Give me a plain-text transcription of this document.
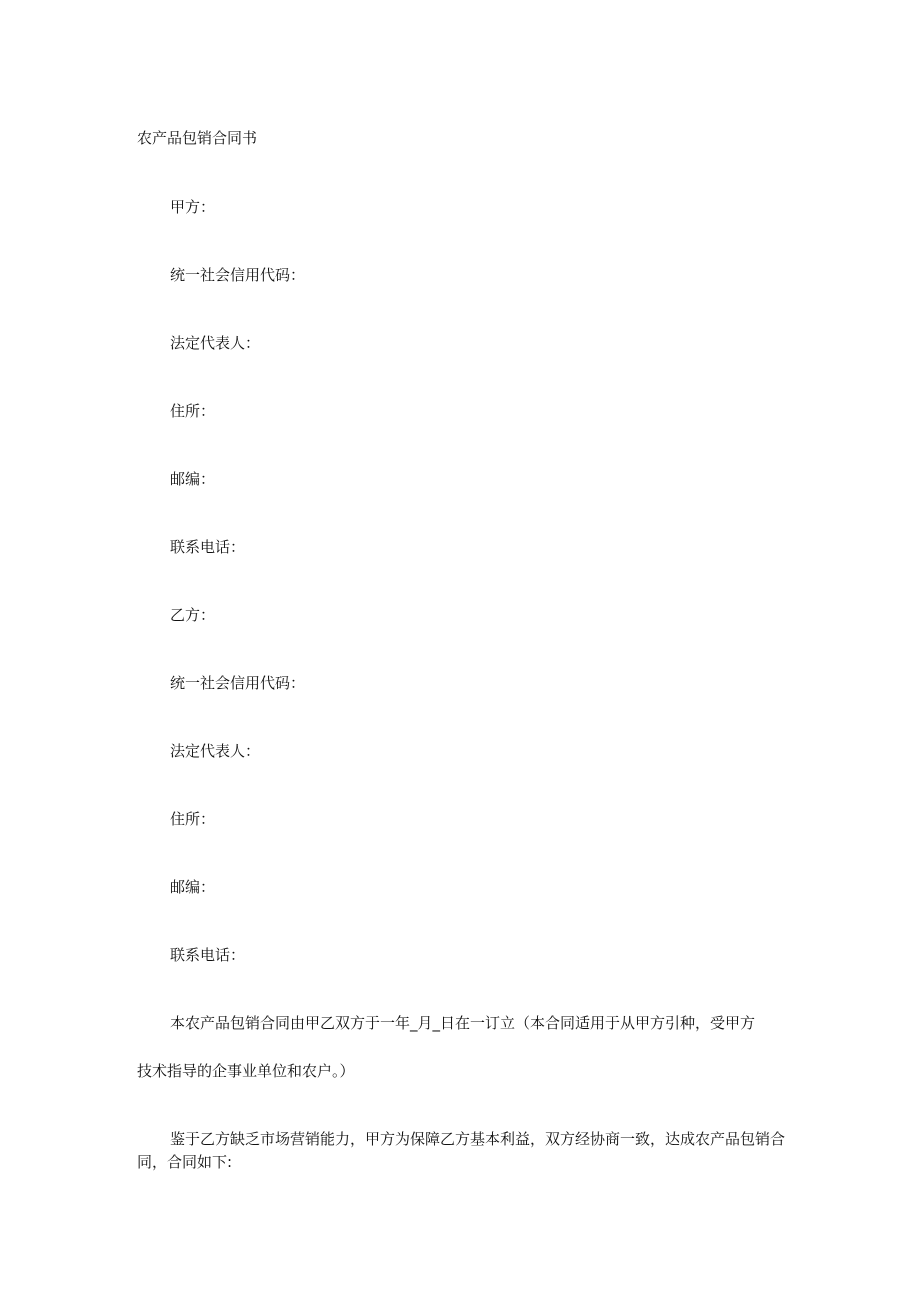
农产品包销合同书
甲方：
统一社会信用代码：
法定代表人：
住所：
邮编：
联系电话：
乙方：
统一社会信用代码：
法定代表人：
住所：
邮编：
联系电话：
本农产品包销合同由甲乙双方于一年_月_日在一订立（本合同适用于从甲方引种，受甲方
技术指导的企事业单位和农户。）
鉴于乙方缺乏市场营销能力，甲方为保障乙方基本利益，双方经协商一致，达成农产品包销合同，合同如下:
